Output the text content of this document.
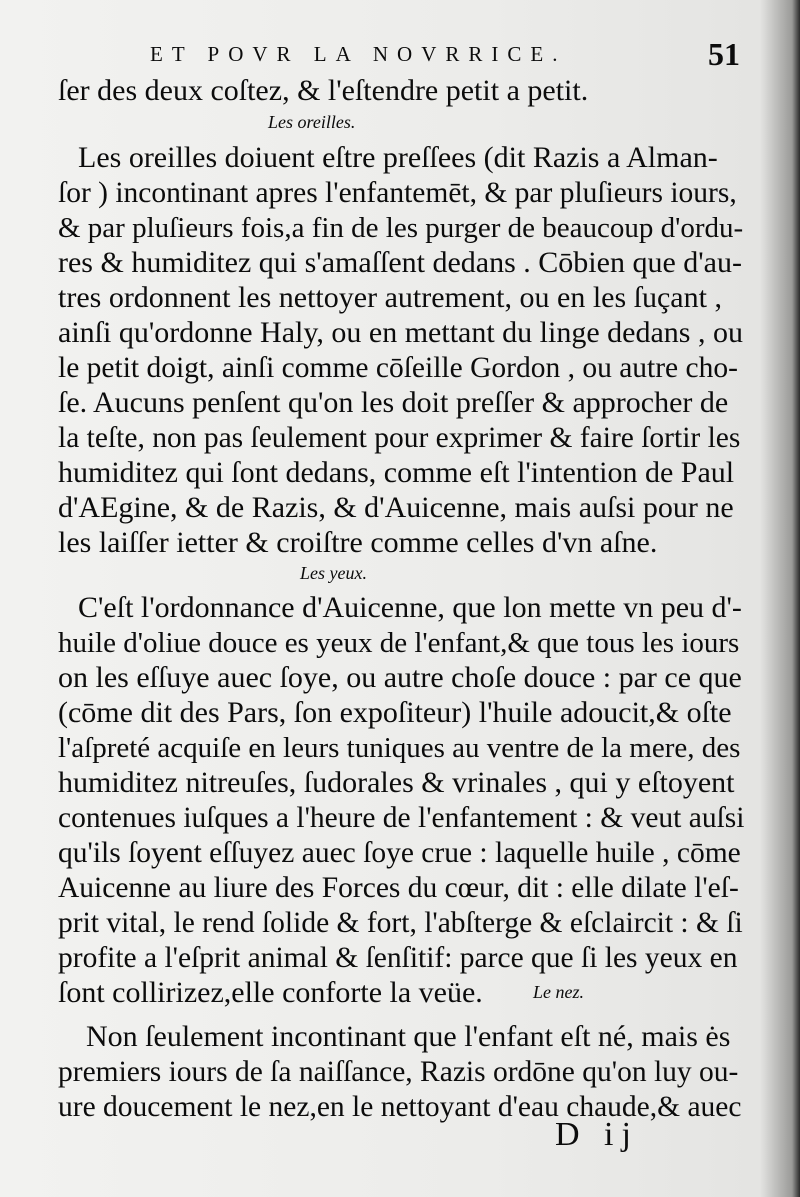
ET POVR LA NOVRRICE.	51
ſer des deux coſtez, & l'eſtendre petit a petit.
Les oreilles.
Les oreilles doiuent eſtre preſſees (dit Razis a Alman-
ſor ) incontinant apres l'enfantemēt, & par pluſieurs iours,
& par pluſieurs fois,a fin de les purger de beaucoup d'ordu-
res & humiditez qui s'amaſſent dedans . Cōbien que d'au-
tres ordonnent les nettoyer autrement, ou en les ſuçant ,
ainſi qu'ordonne Haly, ou en mettant du linge dedans , ou
le petit doigt, ainſi comme cōſeille Gordon , ou autre cho-
ſe. Aucuns penſent qu'on les doit preſſer & approcher de
la teſte, non pas ſeulement pour exprimer & faire ſortir les
humiditez qui ſont dedans, comme eſt l'intention de Paul
d'AEgine, & de Razis, & d'Auicenne, mais auſsi pour ne
les laiſſer ietter & croiſtre comme celles d'vn aſne.
Les yeux.
C'eſt l'ordonnance d'Auicenne, que lon mette vn peu d'-
huile d'oliue douce es yeux de l'enfant,& que tous les iours
on les eſſuye auec ſoye, ou autre choſe douce : par ce que
(cōme dit des Pars, ſon expoſiteur) l'huile adoucit,& oſte
l'aſpreté acquiſe en leurs tuniques au ventre de la mere, des
humiditez nitreuſes, ſudorales & vrinales , qui y eſtoyent
contenues iuſques a l'heure de l'enfantement : & veut auſsi
qu'ils ſoyent eſſuyez auec ſoye crue : laquelle huile , cōme
Auicenne au liure des Forces du cœur, dit : elle dilate l'eſ-
prit vital, le rend ſolide & fort, l'abſterge & eſclaircit : & ſi
profite a l'eſprit animal & ſenſitif: parce que ſi les yeux en
ſont collirizez,elle conforte la veüe.	Le nez.
Non ſeulement incontinant que l'enfant eſt né, mais ės
premiers iours de ſa naiſſance, Razis ordōne qu'on luy ou-
ure doucement le nez,en le nettoyant d'eau chaude,& auec
D ij
